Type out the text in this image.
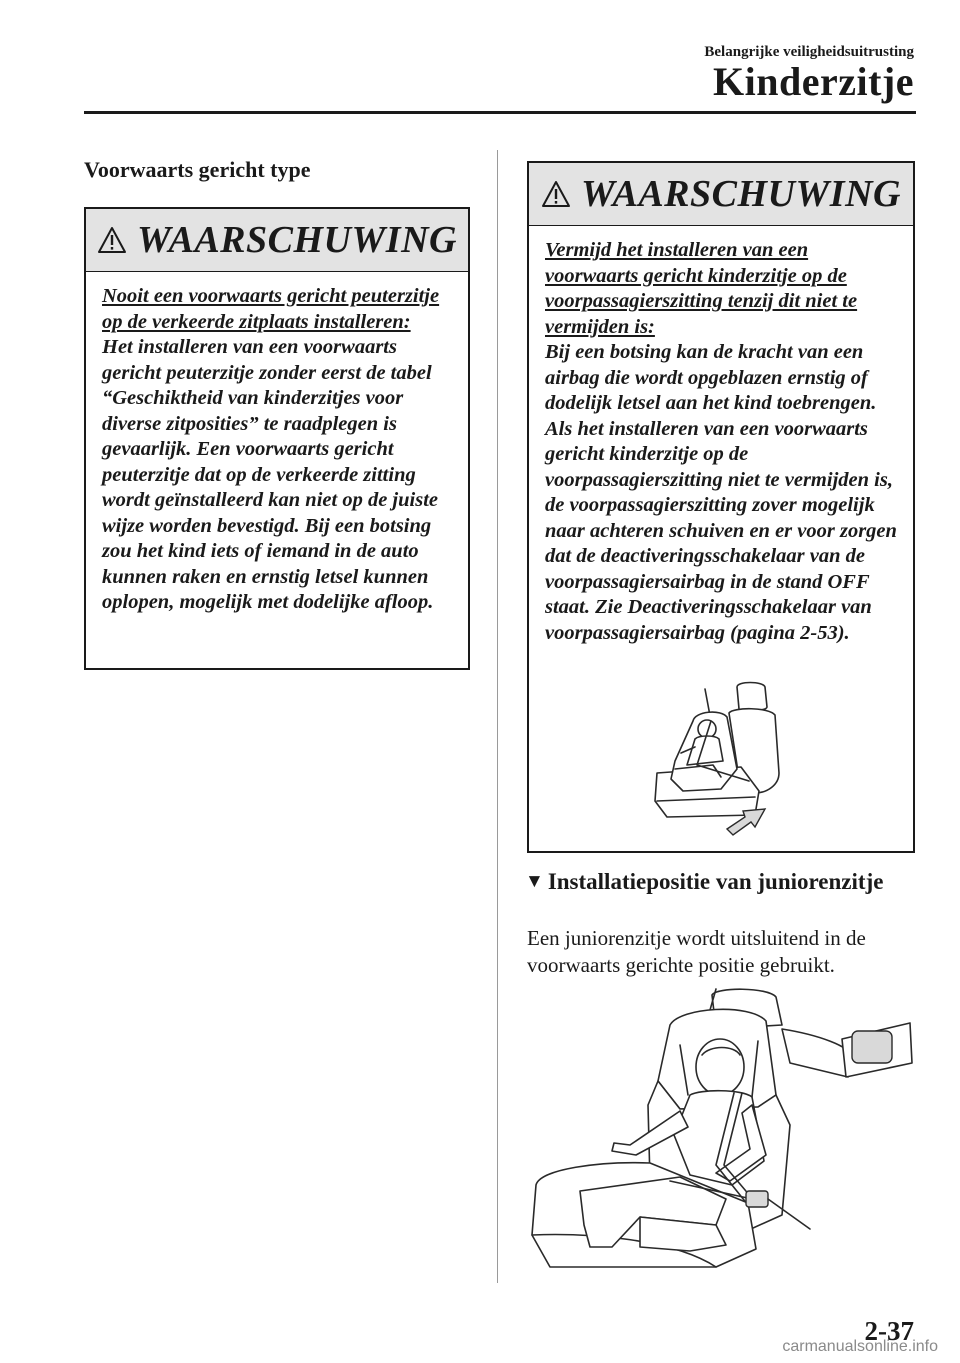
Belangrijke veiligheidsuitrusting
Kinderzitje
Voorwaarts gericht type
WAARSCHUWING
Nooit een voorwaarts gericht peuterzitje op de verkeerde zitplaats installeren:
Het installeren van een voorwaarts gericht peuterzitje zonder eerst de tabel “Geschiktheid van kinderzitjes voor diverse zitposities” te raadplegen is gevaarlijk. Een voorwaarts gericht peuterzitje dat op de verkeerde zitting wordt geïnstalleerd kan niet op de juiste wijze worden bevestigd. Bij een botsing zou het kind iets of iemand in de auto kunnen raken en ernstig letsel kunnen oplopen, mogelijk met dodelijke afloop.
WAARSCHUWING
Vermijd het installeren van een voorwaarts gericht kinderzitje op de voorpassagierszitting tenzij dit niet te vermijden is:
Bij een botsing kan de kracht van een airbag die wordt opgeblazen ernstig of dodelijk letsel aan het kind toebrengen. Als het installeren van een voorwaarts gericht kinderzitje op de voorpassagierszitting niet te vermijden is, de voorpassagierszitting zover mogelijk naar achteren schuiven en er voor zorgen dat de deactiveringsschakelaar van de voorpassagiersairbag in de stand OFF staat. Zie Deactiveringsschakelaar van voorpassagiersairbag (pagina 2-53).
▼ Installatiepositie van juniorenzitje
Een juniorenzitje wordt uitsluitend in de voorwaarts gerichte positie gebruikt.
2-37
carmanualsonline.info
